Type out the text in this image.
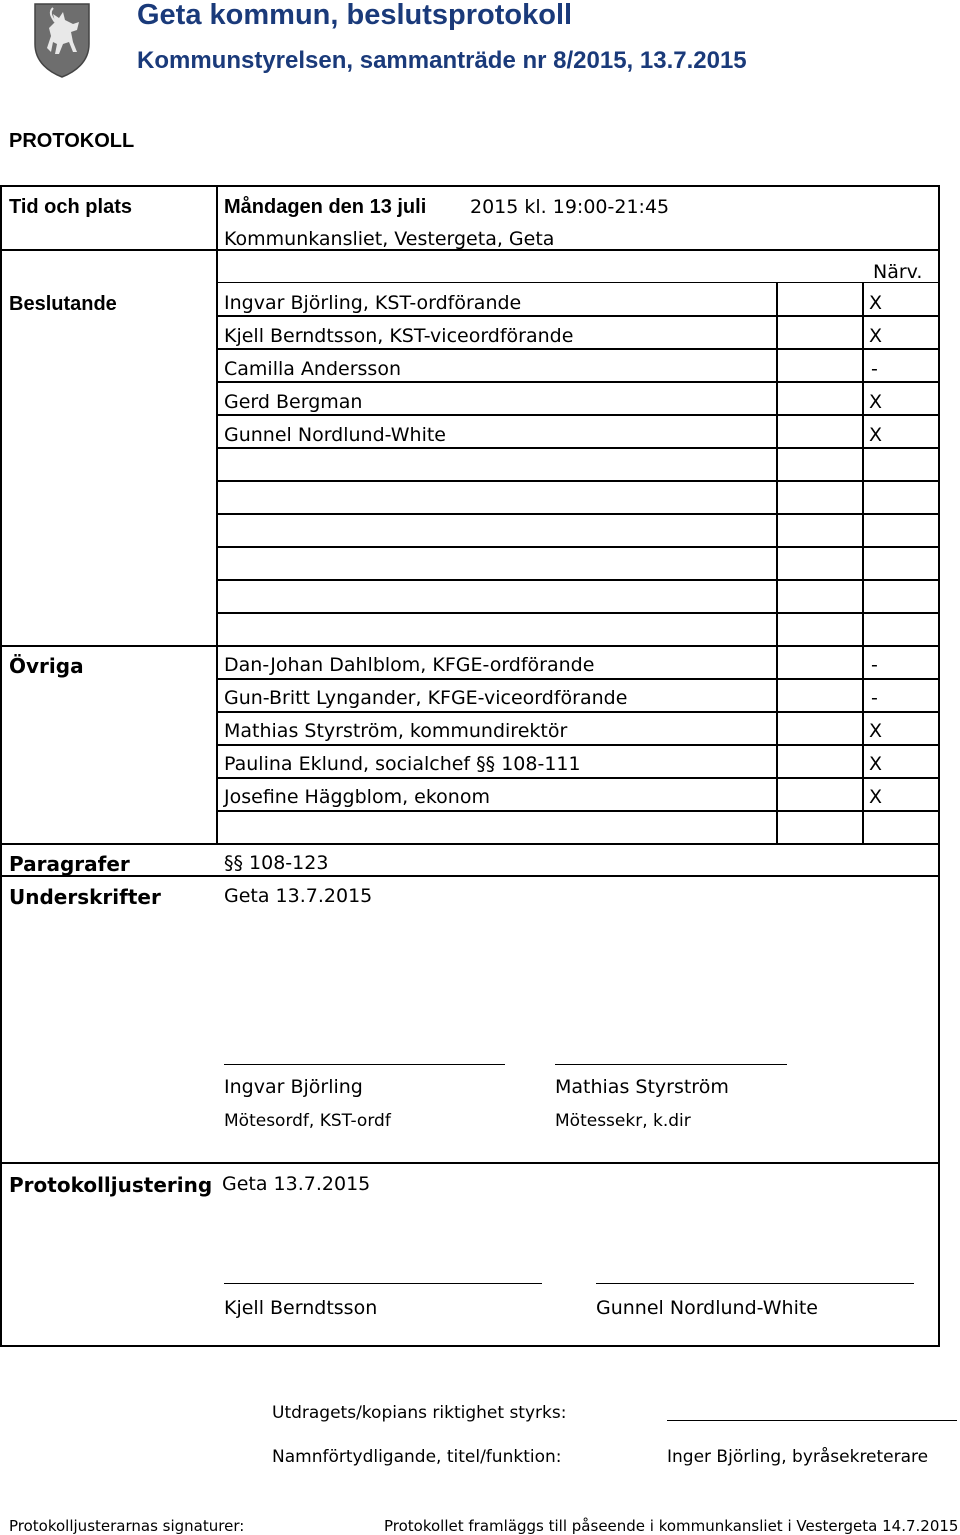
Geta kommun, beslutsprotokoll
Kommunstyrelsen, sammanträde nr 8/2015, 13.7.2015
PROTOKOLL
Tid och plats	Måndagen den 13 juli 2015 kl. 19:00-21:45
Kommunkansliet, Vestergeta, Geta
Närv.
Beslutande	Ingvar Björling, KST-ordförande	X
Kjell Berndtsson, KST-viceordförande	X
Camilla Andersson	-
Gerd Bergman	X
Gunnel Nordlund-White	X
Övriga	Dan-Johan Dahlblom, KFGE-ordförande	-
Gun-Britt Lyngander, KFGE-viceordförande	-
Mathias Styrström, kommundirektör	X
Paulina Eklund, socialchef §§ 108-111	X
Josefine Häggblom, ekonom	X
Paragrafer	§§ 108-123
Underskrifter	Geta 13.7.2015
Ingvar Björling
Mötesordf, KST-ordf
Mathias Styrström
Mötessekr, k.dir
Protokolljustering Geta 13.7.2015
Kjell Berndtsson	Gunnel Nordlund-White
Utdragets/kopians riktighet styrks:
Namnförtydligande, titel/funktion:	Inger Björling, byråsekreterare
Protokolljusterarnas signaturer:	Protokollet framläggs till påseende i kommunkansliet i Vestergeta 14.7.2015
